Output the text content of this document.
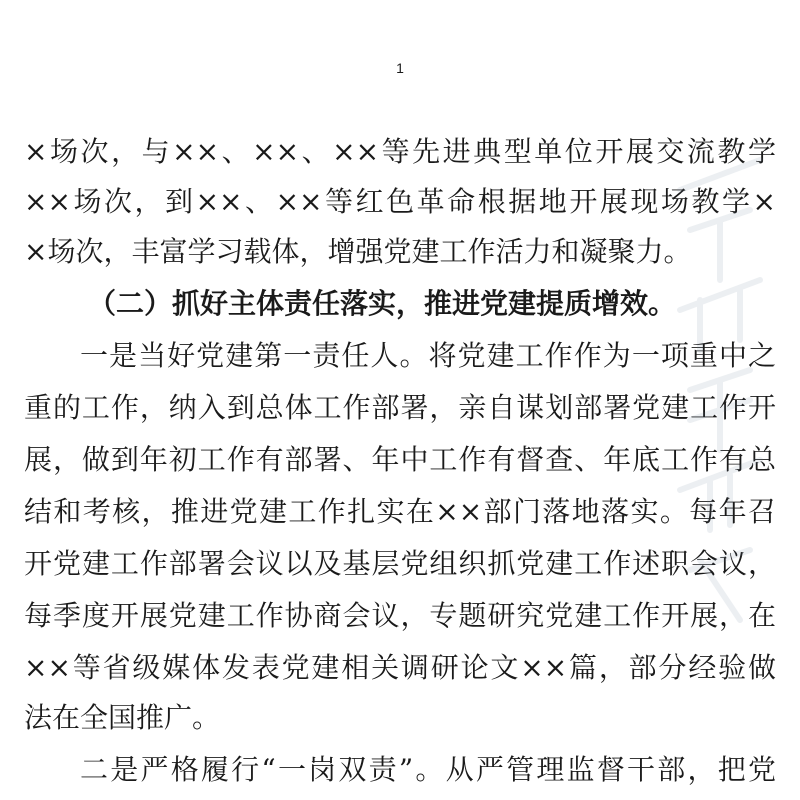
1
×场次，与××、××、××等先进典型单位开展交流教学
××场次，到××、××等红色革命根据地开展现场教学×
×场次，丰富学习载体，增强党建工作活力和凝聚力。
（二）抓好主体责任落实，推进党建提质增效。
一是当好党建第一责任人。将党建工作作为一项重中之
重的工作，纳入到总体工作部署，亲自谋划部署党建工作开
展，做到年初工作有部署、年中工作有督查、年底工作有总
结和考核，推进党建工作扎实在××部门落地落实。每年召
开党建工作部署会议以及基层党组织抓党建工作述职会议，
每季度开展党建工作协商会议，专题研究党建工作开展，在
××等省级媒体发表党建相关调研论文××篇，部分经验做
法在全国推广。
二是严格履行“一岗双责”。从严管理监督干部，把党
